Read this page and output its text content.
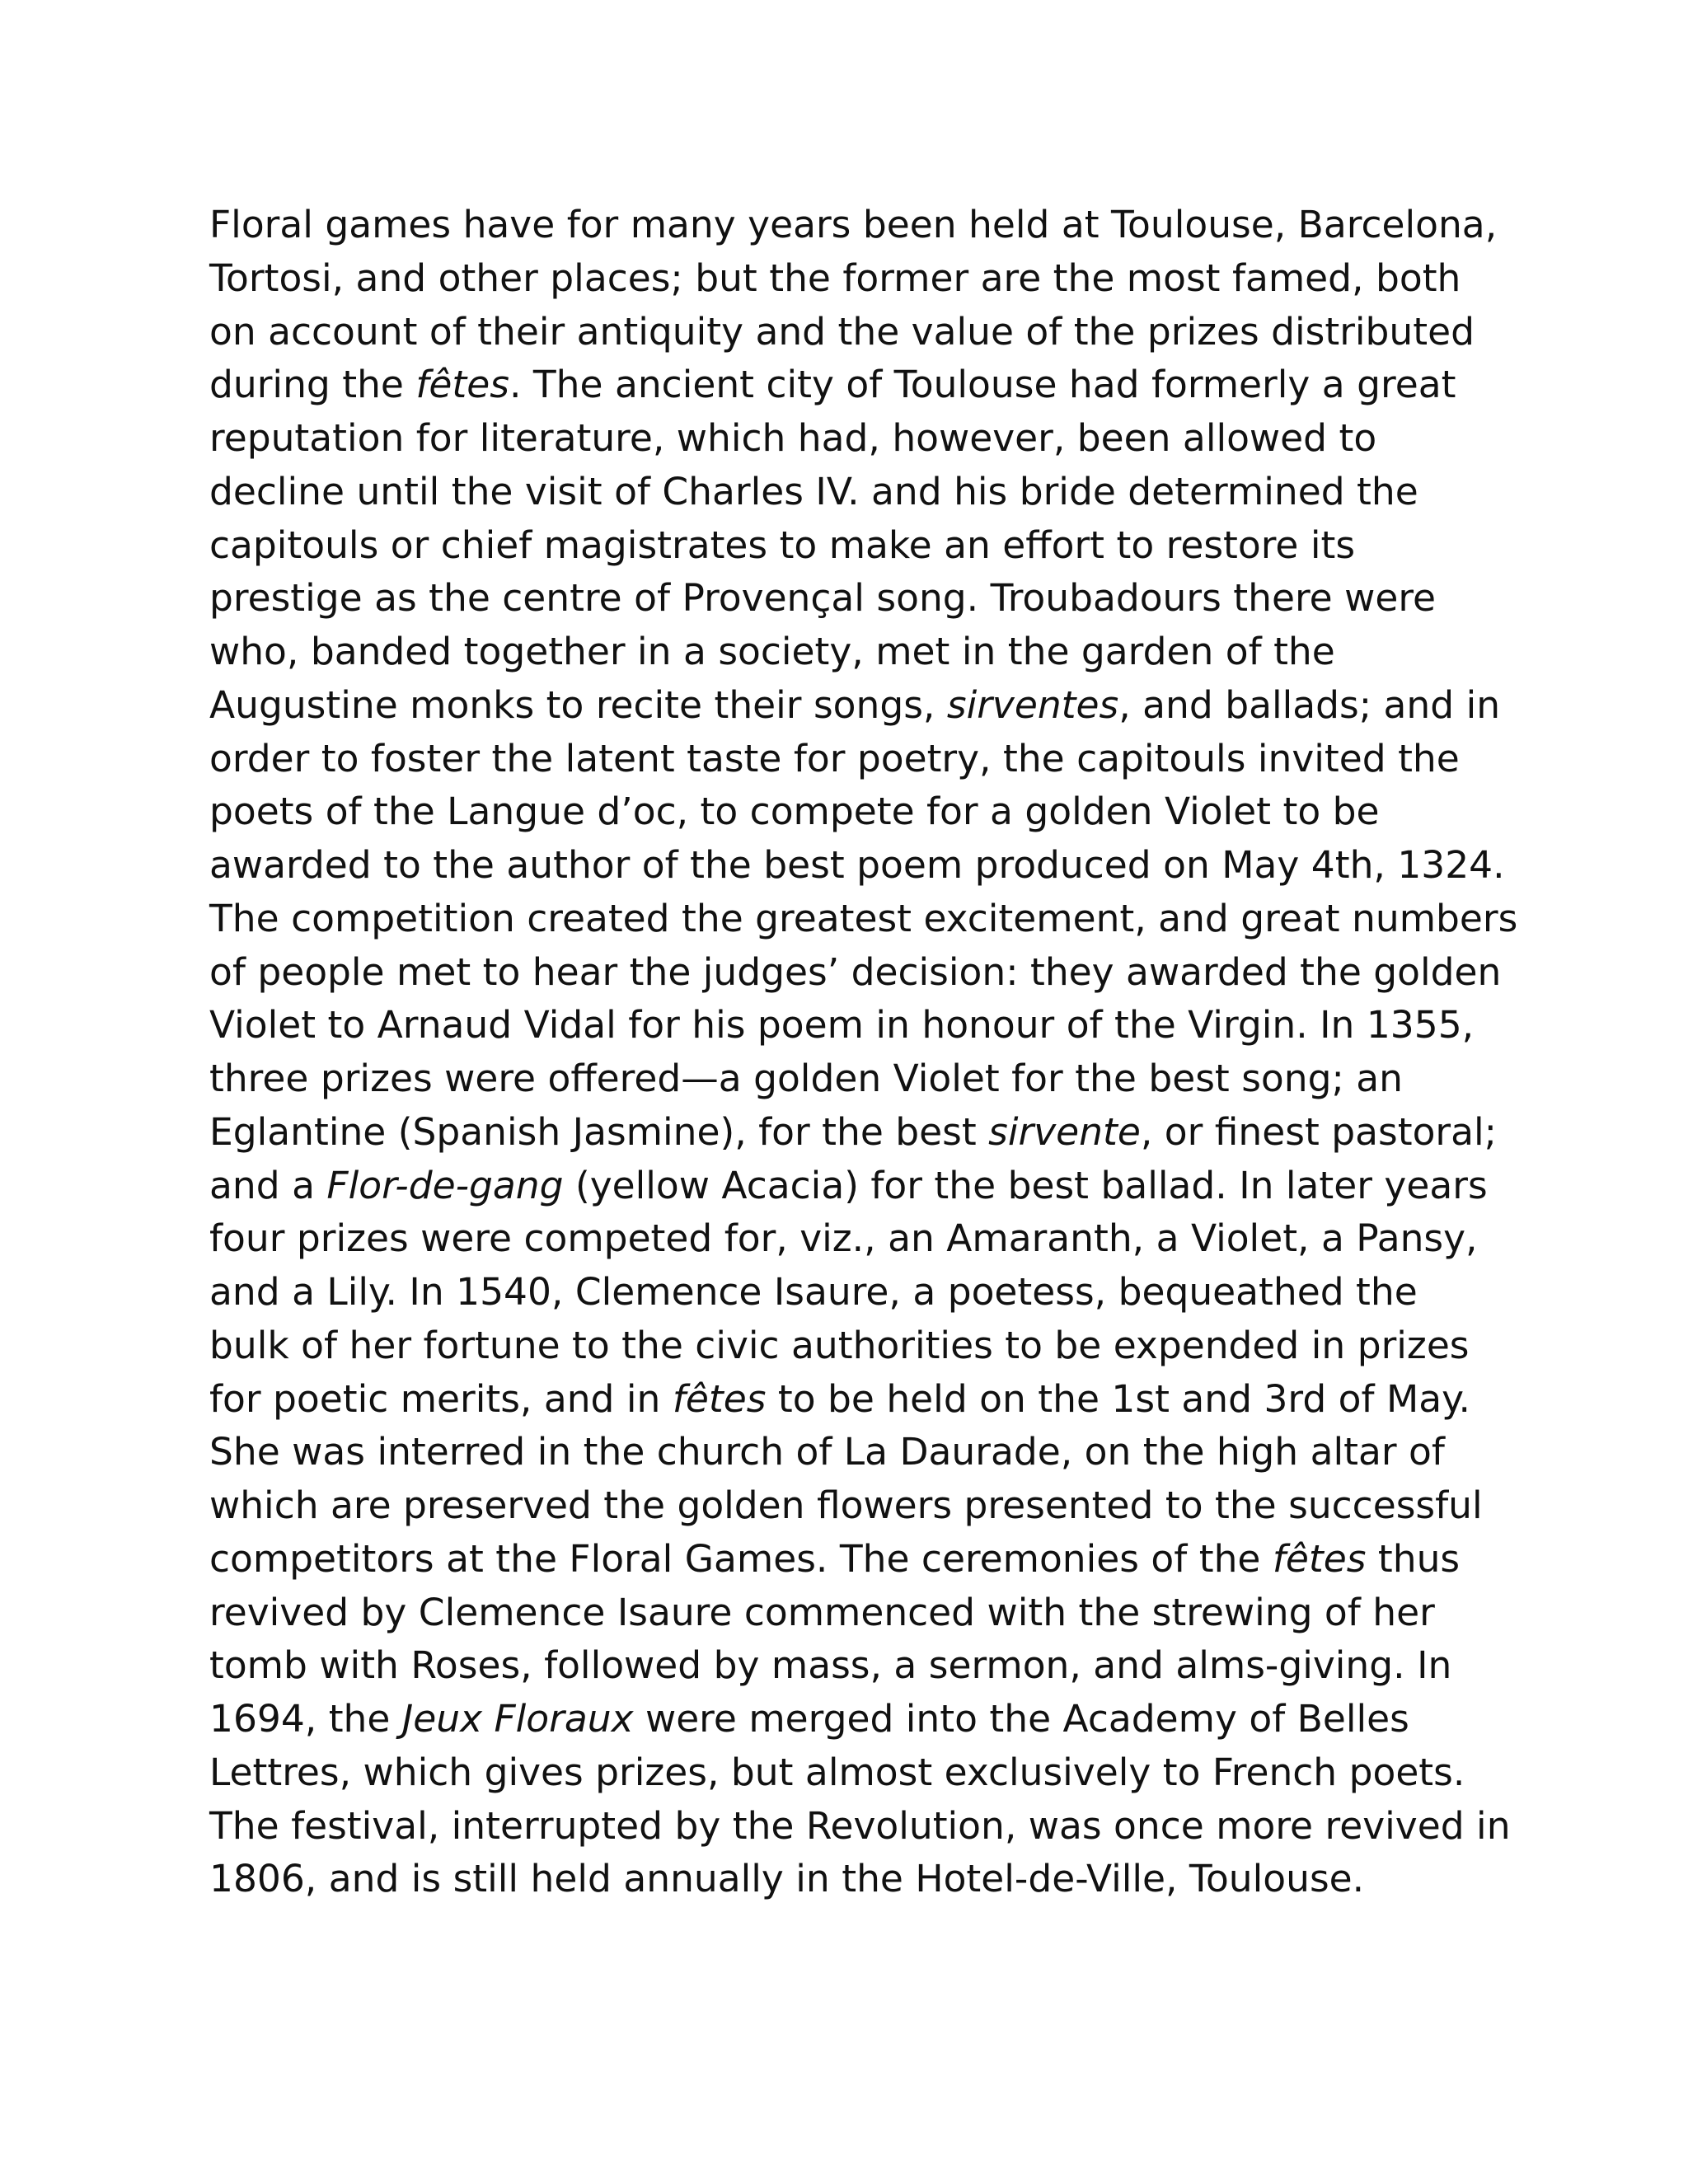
Floral games have for many years been held at Toulouse, Barcelona,
Tortosi, and other places; but the former are the most famed, both
on account of their antiquity and the value of the prizes distributed
during the fêtes. The ancient city of Toulouse had formerly a great
reputation for literature, which had, however, been allowed to
decline until the visit of Charles IV. and his bride determined the
capitouls or chief magistrates to make an effort to restore its
prestige as the centre of Provençal song. Troubadours there were
who, banded together in a society, met in the garden of the
Augustine monks to recite their songs, sirventes, and ballads; and in
order to foster the latent taste for poetry, the capitouls invited the
poets of the Langue d’oc, to compete for a golden Violet to be
awarded to the author of the best poem produced on May 4th, 1324.
The competition created the greatest excitement, and great numbers
of people met to hear the judges’ decision: they awarded the golden
Violet to Arnaud Vidal for his poem in honour of the Virgin. In 1355,
three prizes were offered—a golden Violet for the best song; an
Eglantine (Spanish Jasmine), for the best sirvente, or finest pastoral;
and a Flor-de-gang (yellow Acacia) for the best ballad. In later years
four prizes were competed for, viz., an Amaranth, a Violet, a Pansy,
and a Lily. In 1540, Clemence Isaure, a poetess, bequeathed the
bulk of her fortune to the civic authorities to be expended in prizes
for poetic merits, and in fêtes to be held on the 1st and 3rd of May.
She was interred in the church of La Daurade, on the high altar of
which are preserved the golden flowers presented to the successful
competitors at the Floral Games. The ceremonies of the fêtes thus
revived by Clemence Isaure commenced with the strewing of her
tomb with Roses, followed by mass, a sermon, and alms-giving. In
1694, the Jeux Floraux were merged into the Academy of Belles
Lettres, which gives prizes, but almost exclusively to French poets.
The festival, interrupted by the Revolution, was once more revived in
1806, and is still held annually in the Hotel-de-Ville, Toulouse.
